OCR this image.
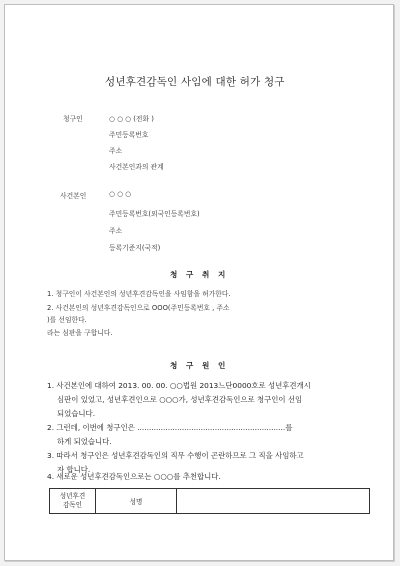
성년후견감독인 사임에 대한 허가 청구
청구인	○ ○ ○ (전화 )
주민등록번호
주소
사건본인과의 관계
사건본인	○ ○ ○
주민등록번호(외국인등록번호)
주소
등록기준지(국적)
청 구 취 지
1. 청구인이 사건본인의 성년후견감독인을 사임함을 허가한다.
2. 사건본인의 성년후견감독인으로 OOO(주민등록번호 , 주소
)를 선임한다.
라는 심판을 구합니다.
청 구 원 인
1. 사건본인에 대하여 2013. 00. 00. ○○법원 2013느단0000호로 성년후견개시
심판이 있었고, 성년후견인으로 ○○○가, 성년후견감독인으로 청구인이 선임
되었습니다.
2. 그런데, 이번에 청구인은 ...............................................................를
하게 되었습니다.
3. 따라서 청구인은 성년후견감독인의 직무 수행이 곤란하므로 그 직을 사임하고
자 합니다.
4. 새로운 성년후견감독인으로는 ○○○를 추천합니다.
성년후견
감독인	성명	
